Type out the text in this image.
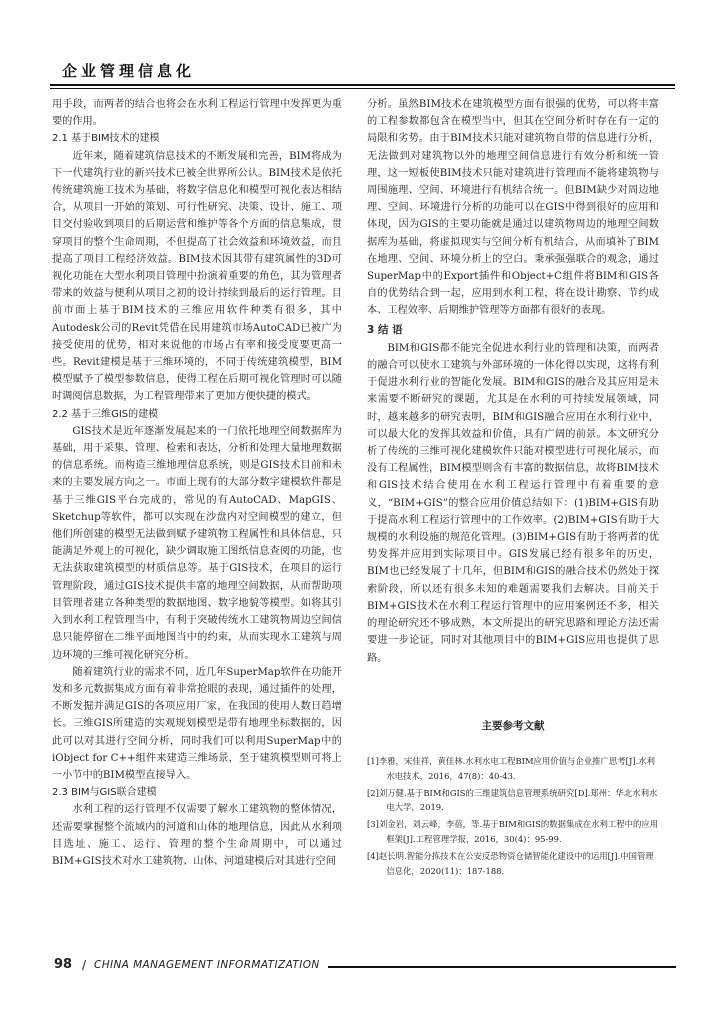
企业管理信息化

用手段，而两者的结合也将会在水利工程运行管理中发挥更为重要的作用。

2.1 基于BIM技术的建模

近年来，随着建筑信息技术的不断发展和完善，BIM将成为下一代建筑行业的新兴技术已被全世界所公认。BIM技术是依托传统建筑施工技术为基础，将数字信息化和模型可视化表达相结合，从项目一开始的策划、可行性研究、决策、设计、施工、项目交付验收到项目的后期运营和维护等各个方面的信息集成，贯穿项目的整个生命周期，不但提高了社会效益和环境效益，而且提高了项目工程经济效益。BIM技术因其带有建筑属性的3D可视化功能在大型水利项目管理中扮演着重要的角色，其为管理者带来的效益与便利从项目之初的设计持续到最后的运行管理。目前市面上基于BIM技术的三维应用软件种类有很多，其中Autodesk公司的Revit凭借在民用建筑市场AutoCAD已被广为接受使用的优势，相对来说他的市场占有率和接受度要更高一些。Revit建模是基于三维环境的，不同于传统建筑模型，BIM模型赋予了模型参数信息，使得工程在后期可视化管理时可以随时调阅信息数据，为工程管理带来了更加方便快捷的模式。

2.2 基于三维GIS的建模

GIS技术是近年逐渐发展起来的一门依托地理空间数据库为基础，用于采集、管理、检索和表达，分析和处理大量地理数据的信息系统。而构造三维地理信息系统，则是GIS技术目前和未来的主要发展方向之一。市面上现有的大部分数字建模软件都是基于三维GIS平台完成的，常见的有AutoCAD、MapGIS、Sketchup等软件，都可以实现在沙盘内对空间模型的建立，但他们所创建的模型无法做到赋予建筑物工程属性和具体信息，只能满足外观上的可视化，缺少调取施工图纸信息查阅的功能，也无法获取建筑模型的材质信息等。基于GIS技术，在项目的运行管理阶段，通过GIS技术提供丰富的地理空间数据，从而帮助项目管理者建立各种类型的数据地图、数字地貌等模型。如将其引入到水利工程管理当中，有利于突破传统水工建筑物周边空间信息只能停留在二维平面地图当中的约束，从而实现水工建筑与周边环境的三维可视化研究分析。

随着建筑行业的需求不同，近几年SuperMap软件在功能开发和多元数据集成方面有着非常抢眼的表现，通过插件的处理，不断发掘并满足GIS的各项应用厂家，在我国的使用人数日趋增长。三维GIS所建造的实观规划模型是带有地理坐标数据的，因此可以对其进行空间分析，同时我们可以利用SuperMap中的iObject for C++组件来建造三维场景，至于建筑模型则可将上一小节中的BIM模型直接导入。

2.3 BIM与GIS联合建模

水利工程的运行管理不仅需要了解水工建筑物的整体情况，还需要掌握整个流域内的河道和山体的地理信息，因此从水利项目选址、施工、运行、管理的整个生命周期中，可以通过BIM+GIS技术对水工建筑物、山体、河道建模后对其进行空间

分析。虽然BIM技术在建筑模型方面有很强的优势，可以将丰富的工程参数都包含在模型当中，但其在空间分析时存在有一定的局限和劣势。由于BIM技术只能对建筑物自带的信息进行分析，无法做到对建筑物以外的地理空间信息进行有效分析和统一管理，这一短板使BIM技术只能对建筑进行管理而不能将建筑物与周围施理、空间、环境进行有机结合统一。但BIM缺少对周边地理、空间、环境进行分析的功能可以在GIS中得到很好的应用和体现，因为GIS的主要功能就是通过以建筑物周边的地理空间数据库为基础，将虚拟现实与空间分析有机结合，从而填补了BIM在地理、空间、环境分析上的空白。秉承强强联合的观念，通过SuperMap中的Export插件和Object+C组件将BIM和GIS各自的优势结合到一起，应用到水利工程，将在设计勘察、节约成本、工程效率、后期维护管理等方面都有很好的表现。

3 结 语

BIM和GIS都不能完全促进水利行业的管理和决策，而两者的融合可以使水工建筑与外部环境的一体化得以实现，这将有利于促进水利行业的智能化发展。BIM和GIS的融合及其应用是未来需要不断研究的课题，尤其是在水利的可持续发展领域，同时，越来越多的研究表明，BIM和GIS融合应用在水利行业中，可以最大化的发挥其效益和价值，具有广阔的前景。本文研究分析了传统的三维可视化建模软件只能对模型进行可视化展示，而没有工程属性，BIM模型则含有丰富的数据信息，故将BIM技术和GIS技术结合使用在水利工程运行管理中有着重要的意义，“BIM+GIS”的整合应用价值总结如下：(1)BIM+GIS有助于提高水利工程运行管理中的工作效率。(2)BIM+GIS有助于大规模的水利设施的规范化管理。(3)BIM+GIS有助于将两者的优势发挥并应用到实际项目中。GIS发展已经有很多年的历史，BIM也已经发展了十几年，但BIM和GIS的融合技术仍然处于探索阶段，所以还有很多未知的难题需要我们去解决。目前关于BIM+GIS技术在水利工程运行管理中的应用案例还不多，相关的理论研究还不够成熟，本文所提出的研究思路和理论方法还需要进一步论证，同时对其他项目中的BIM+GIS应用也提供了思路。

主要参考文献
[1]李雅，宋佳祥，黄佳林.水利水电工程BIM应用价值与企业推广思考[J].水利水电技术，2016，47(8)：40-43.
[2]刘万健.基于BIM和GIS的三维建筑信息管理系统研究[D].郑州：华北水利水电大学，2019.
[3]刘金岩，刘云峰，李蓓，等.基于BIM和GIS的数据集成在水利工程中的应用框架[J].工程管理学报，2016，30(4)：95-99.
[4]赵长明.智能分拣技术在公安反恐物资仓储智能化建设中的运用[J].中国管理信息化，2020(11)：187-188.
98 / CHINA MANAGEMENT INFORMATIZATION
